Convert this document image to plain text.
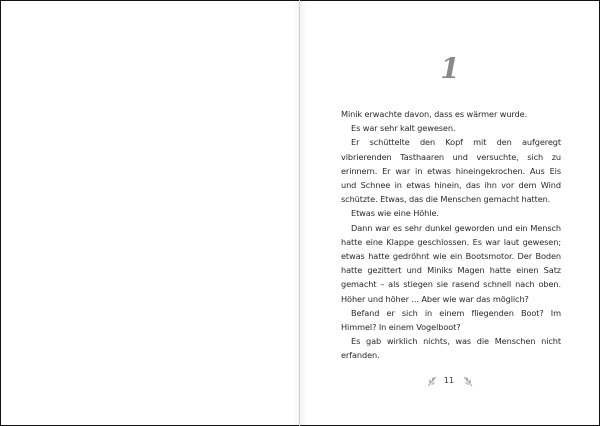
1

Minik erwachte davon, dass es wärmer wurde.

Es war sehr kalt gewesen.

Er schüttelte den Kopf mit den aufgeregt vibrierenden Tasthaaren und versuchte, sich zu erinnern. Er war in etwas hineingekrochen. Aus Eis und Schnee in etwas hinein, das ihn vor dem Wind schützte. Etwas, das die Menschen gemacht hatten.

Etwas wie eine Höhle.

Dann war es sehr dunkel geworden und ein Mensch hatte eine Klappe geschlossen. Es war laut gewesen; etwas hatte gedröhnt wie ein Bootsmotor. Der Boden hatte gezittert und Miniks Magen hatte einen Satz gemacht – als stiegen sie rasend schnell nach oben. Höher und höher ... Aber wie war das möglich?

Befand er sich in einem fliegenden Boot? Im Himmel? In einem Vogelboot?

Es gab wirklich nichts, was die Menschen nicht erfanden.

11
